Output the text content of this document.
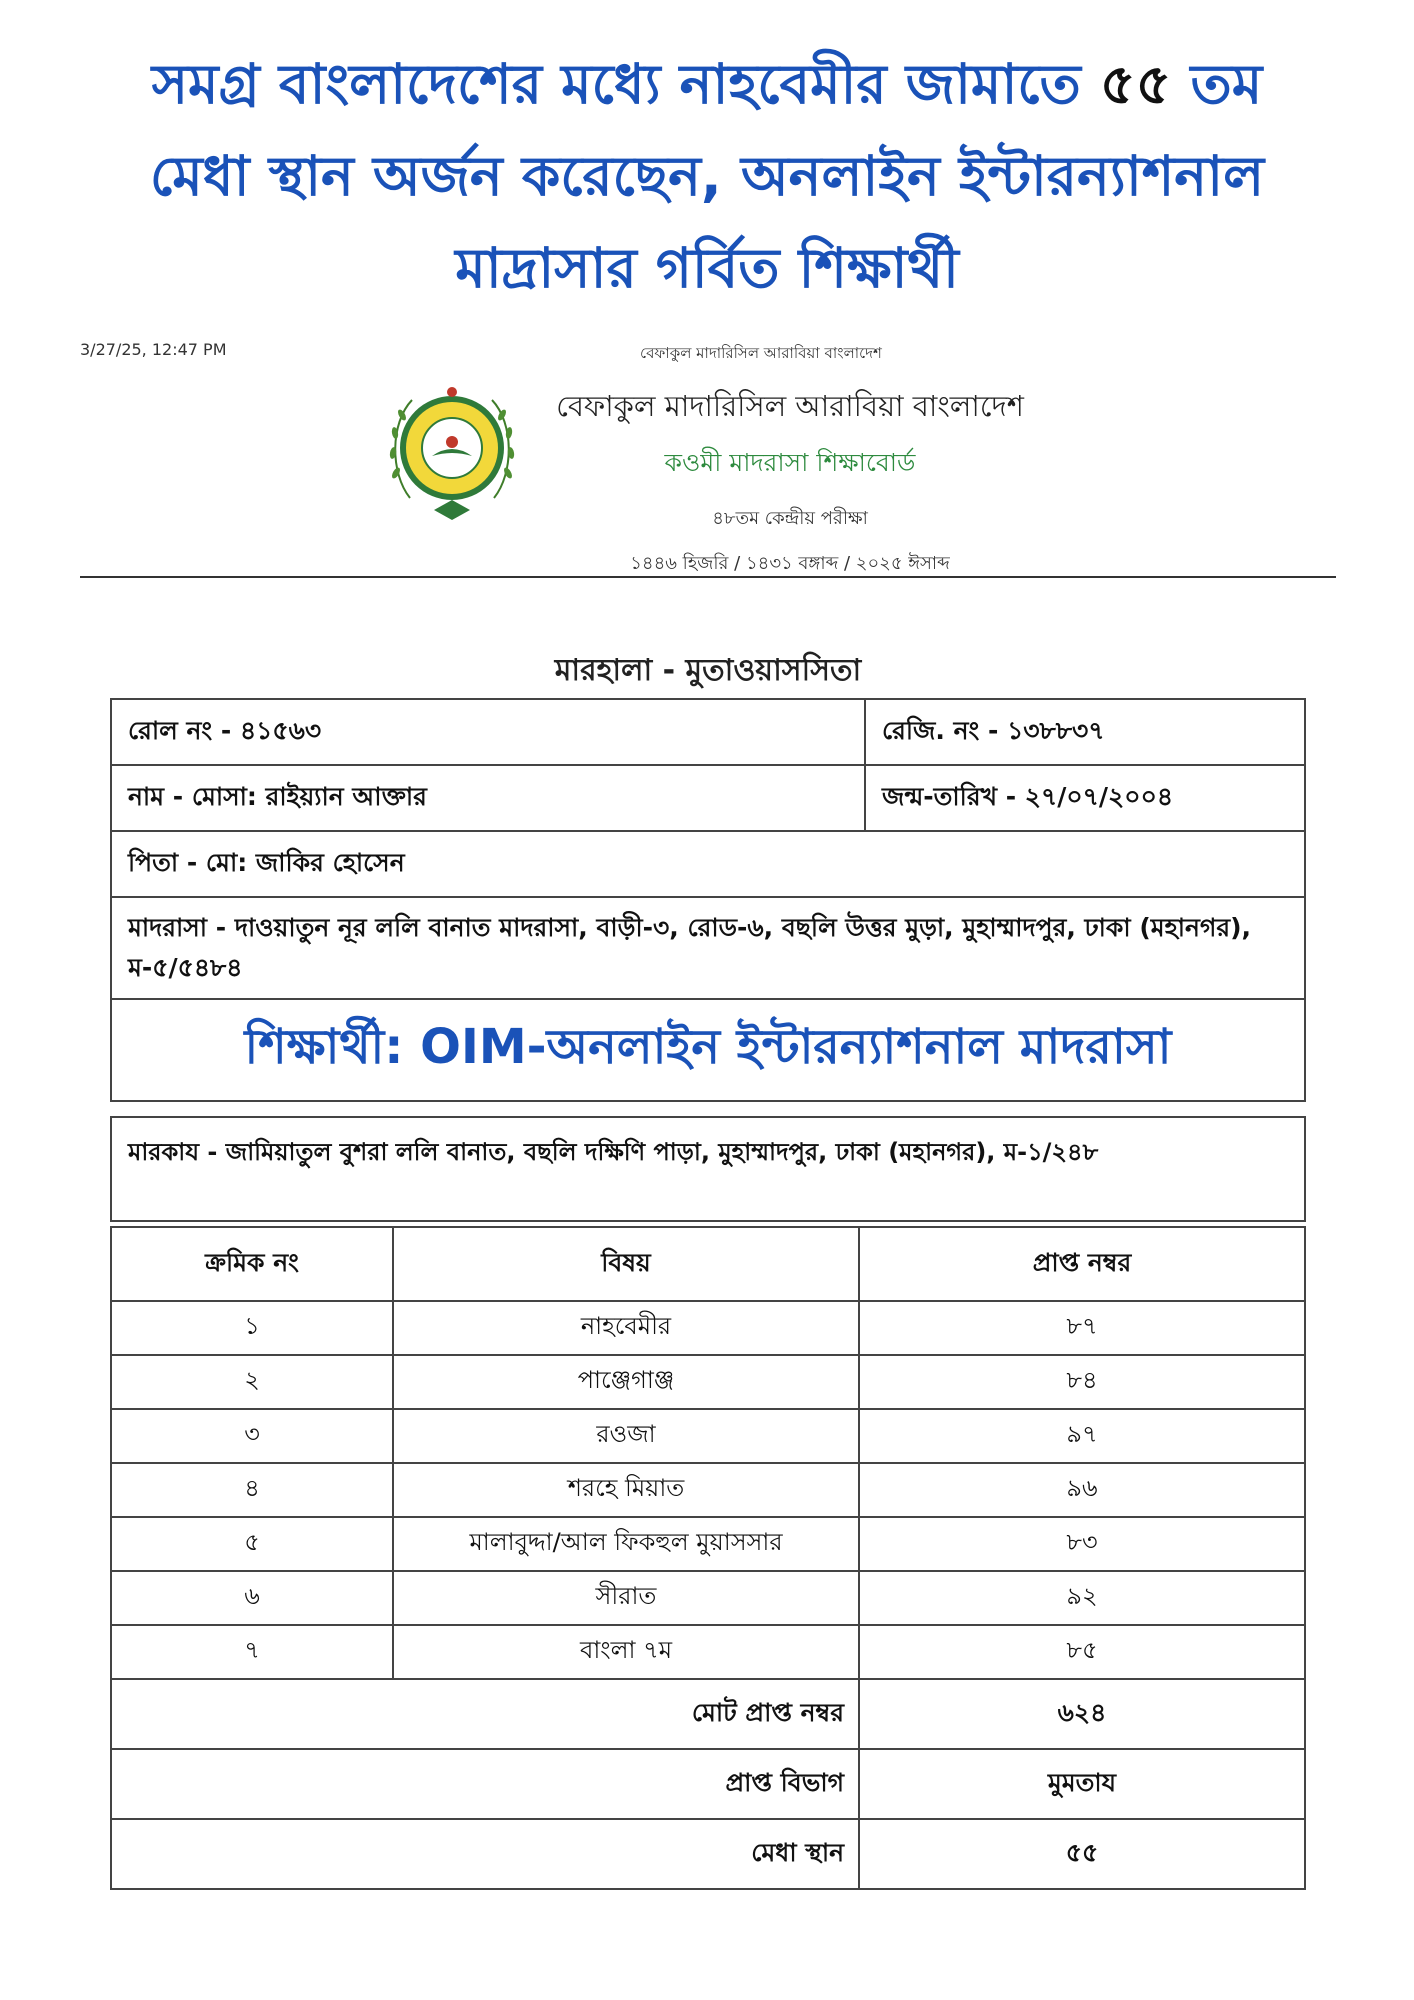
সমগ্র বাংলাদেশের মধ্যে নাহবেমীর জামাতে ৫৫ তম
মেধা স্থান অর্জন করেছেন, অনলাইন ইন্টারন্যাশনাল
মাদ্রাসার গর্বিত শিক্ষার্থী
3/27/25, 12:47 PM	বেফাকুল মাদারিসিল আরাবিয়া বাংলাদেশ

বেফাকুল মাদারিসিল আরাবিয়া বাংলাদেশ

কওমী মাদরাসা শিক্ষাবোর্ড

৪৮তম কেন্দ্রীয় পরীক্ষা

১৪৪৬ হিজরি / ১৪৩১ বঙ্গাব্দ / ২০২৫ ঈসাব্দ

মারহালা - মুতাওয়াসসিতা
রোল নং - ৪১৫৬৩	রেজি. নং - ১৩৮৮৩৭
নাম - মোসা: রাইয়্যান আক্তার	জন্ম-তারিখ - ২৭/০৭/২০০৪
পিতা - মো: জাকির হোসেন	
মাদরাসা - দাওয়াতুন নূর ললি বানাত মাদরাসা, বাড়ী-৩, রোড-৬, বছলি উত্তর মুড়া, মুহাম্মাদপুর, ঢাকা (মহানগর), ম-৫/৫৪৮৪	
শিক্ষার্থী: OIM-অনলাইন ইন্টারন্যাশনাল মাদরাসা	
মারকায - জামিয়াতুল বুশরা ললি বানাত, বছলি দক্ষিণি পাড়া, মুহাম্মাদপুর, ঢাকা (মহানগর), ম-১/২৪৮
ক্রমিক নং	বিষয়	প্রাপ্ত নম্বর
১	নাহবেমীর	৮৭
২	পাঞ্জেগাঞ্জ	৮৪
৩	রওজা	৯৭
৪	শরহে মিয়াত	৯৬
৫	মালাবুদ্দা/আল ফিকহুল মুয়াসসার	৮৩
৬	সীরাত	৯২
৭	বাংলা ৭ম	৮৫
মোট প্রাপ্ত নম্বর		৬২৪
প্রাপ্ত বিভাগ		মুমতায
মেধা স্থান		৫৫
